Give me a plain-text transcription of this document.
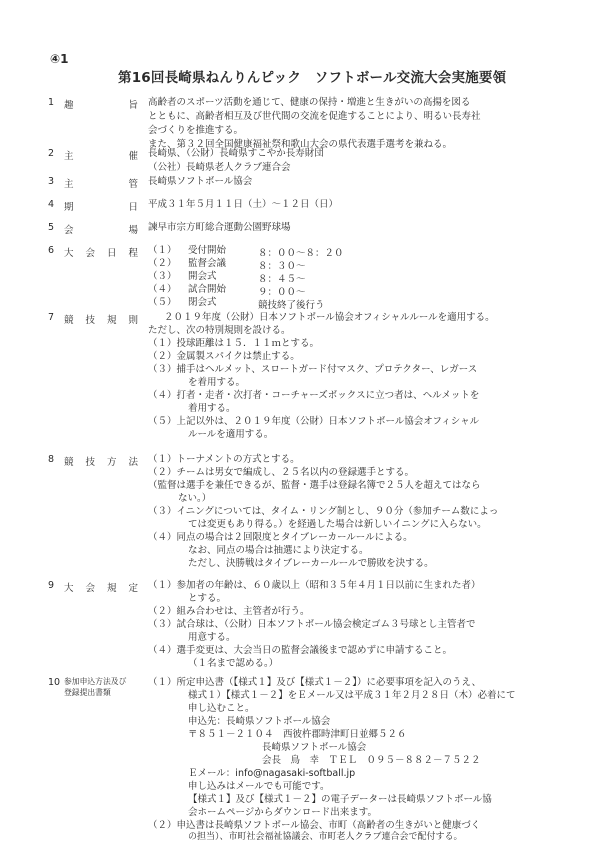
④1
第16回長崎県ねんりんピック　ソフトボール交流大会実施要領
1 趣	旨 高齢者のスポーツ活動を通じて、健康の保持・増進と生きがいの高揚を図る
とともに、高齢者相互及び世代間の交流を促進することにより、明るい長寿社
会づくりを推進する。
また、第３２回全国健康福祉祭和歌山大会の県代表選手選考を兼ねる。
2 主	催 長崎県、（公財）長崎県すこやか長寿財団
（公社）長崎県老人クラブ連合会
3 主	管 長崎県ソフトボール協会
4 期	日 平成３１年５月１１日（土）～１２日（日）
5 会	場 諫早市宗方町総合運動公園野球場
6 大 会 日 程 （１） 受付開始	８：００～８：２０
（２） 監督会議	８：３０～
（３） 開会式	８：４５～
（４） 試合開始	９：００～
（５） 閉会式	競技終了後行う
7 競 技 規 則	２０１９年度（公財）日本ソフトボール協会オフィシャルルールを適用する。
ただし、次の特別規則を設ける。
（１）投球距離は１５．１１ｍとする。
（２）金属製スパイクは禁止する。
（３）捕手はヘルメット、スロートガード付マスク、プロテクター、レガース
を着用する。
（４）打者・走者・次打者・コーチャーズボックスに立つ者は、ヘルメットを
着用する。
（５）上記以外は、２０１９年度（公財）日本ソフトボール協会オフィシャル
ルールを適用する。
8 競 技 方 法 （１）トーナメントの方式とする。
（２）チームは男女で編成し、２５名以内の登録選手とする。
（監督は選手を兼任できるが、監督・選手は登録名簿で２５人を超えてはなら
ない。）
（３）イニングについては、タイム・リング制とし、９０分（参加チーム数によっ
ては変更もあり得る。）を経過した場合は新しいイニングに入らない。
（４）同点の場合は２回限度とタイブレーカールールによる。
なお、同点の場合は抽選により決定する。
ただし、決勝戦はタイブレーカールールで勝敗を決する。
9 大 会 規 定 （１）参加者の年齢は、６０歳以上（昭和３５年４月１日以前に生まれた者）
とする。
（２）組み合わせは、主管者が行う。
（３）試合球は、（公財）日本ソフトボール協会検定ゴム３号球とし主管者で
用意する。
（４）選手変更は、大会当日の監督会議後まで認めずに申請すること。
（１名まで認める。）
10 参加申込方法及び
登録提出書類
（１）所定申込書（【様式１】及び【様式１－２】）に必要事項を記入のうえ、
様式１）【様式１－２】をＥメール又は平成３１年２月２８日（木）必着にて
申し込むこと。
申込先：長崎県ソフトボール協会
〒８５１－２１０４　西彼杵郡時津町日並郷５２６
長崎県ソフトボール協会
会長　鳥　幸　ＴＥＬ　０９５－８８２－７５２２
Ｅメール：info@nagasaki-softball.jp
申し込みはメールでも可能です。
【様式１】及び【様式１－２】の電子データーは長崎県ソフトボール協
会ホームページからダウンロード出来ます。
（２）申込書は長崎県ソフトボール協会、市町（高齢者の生きがいと健康づく
の担当）、市町社会福祉協議会、市町老人クラブ連合会で配付する。
